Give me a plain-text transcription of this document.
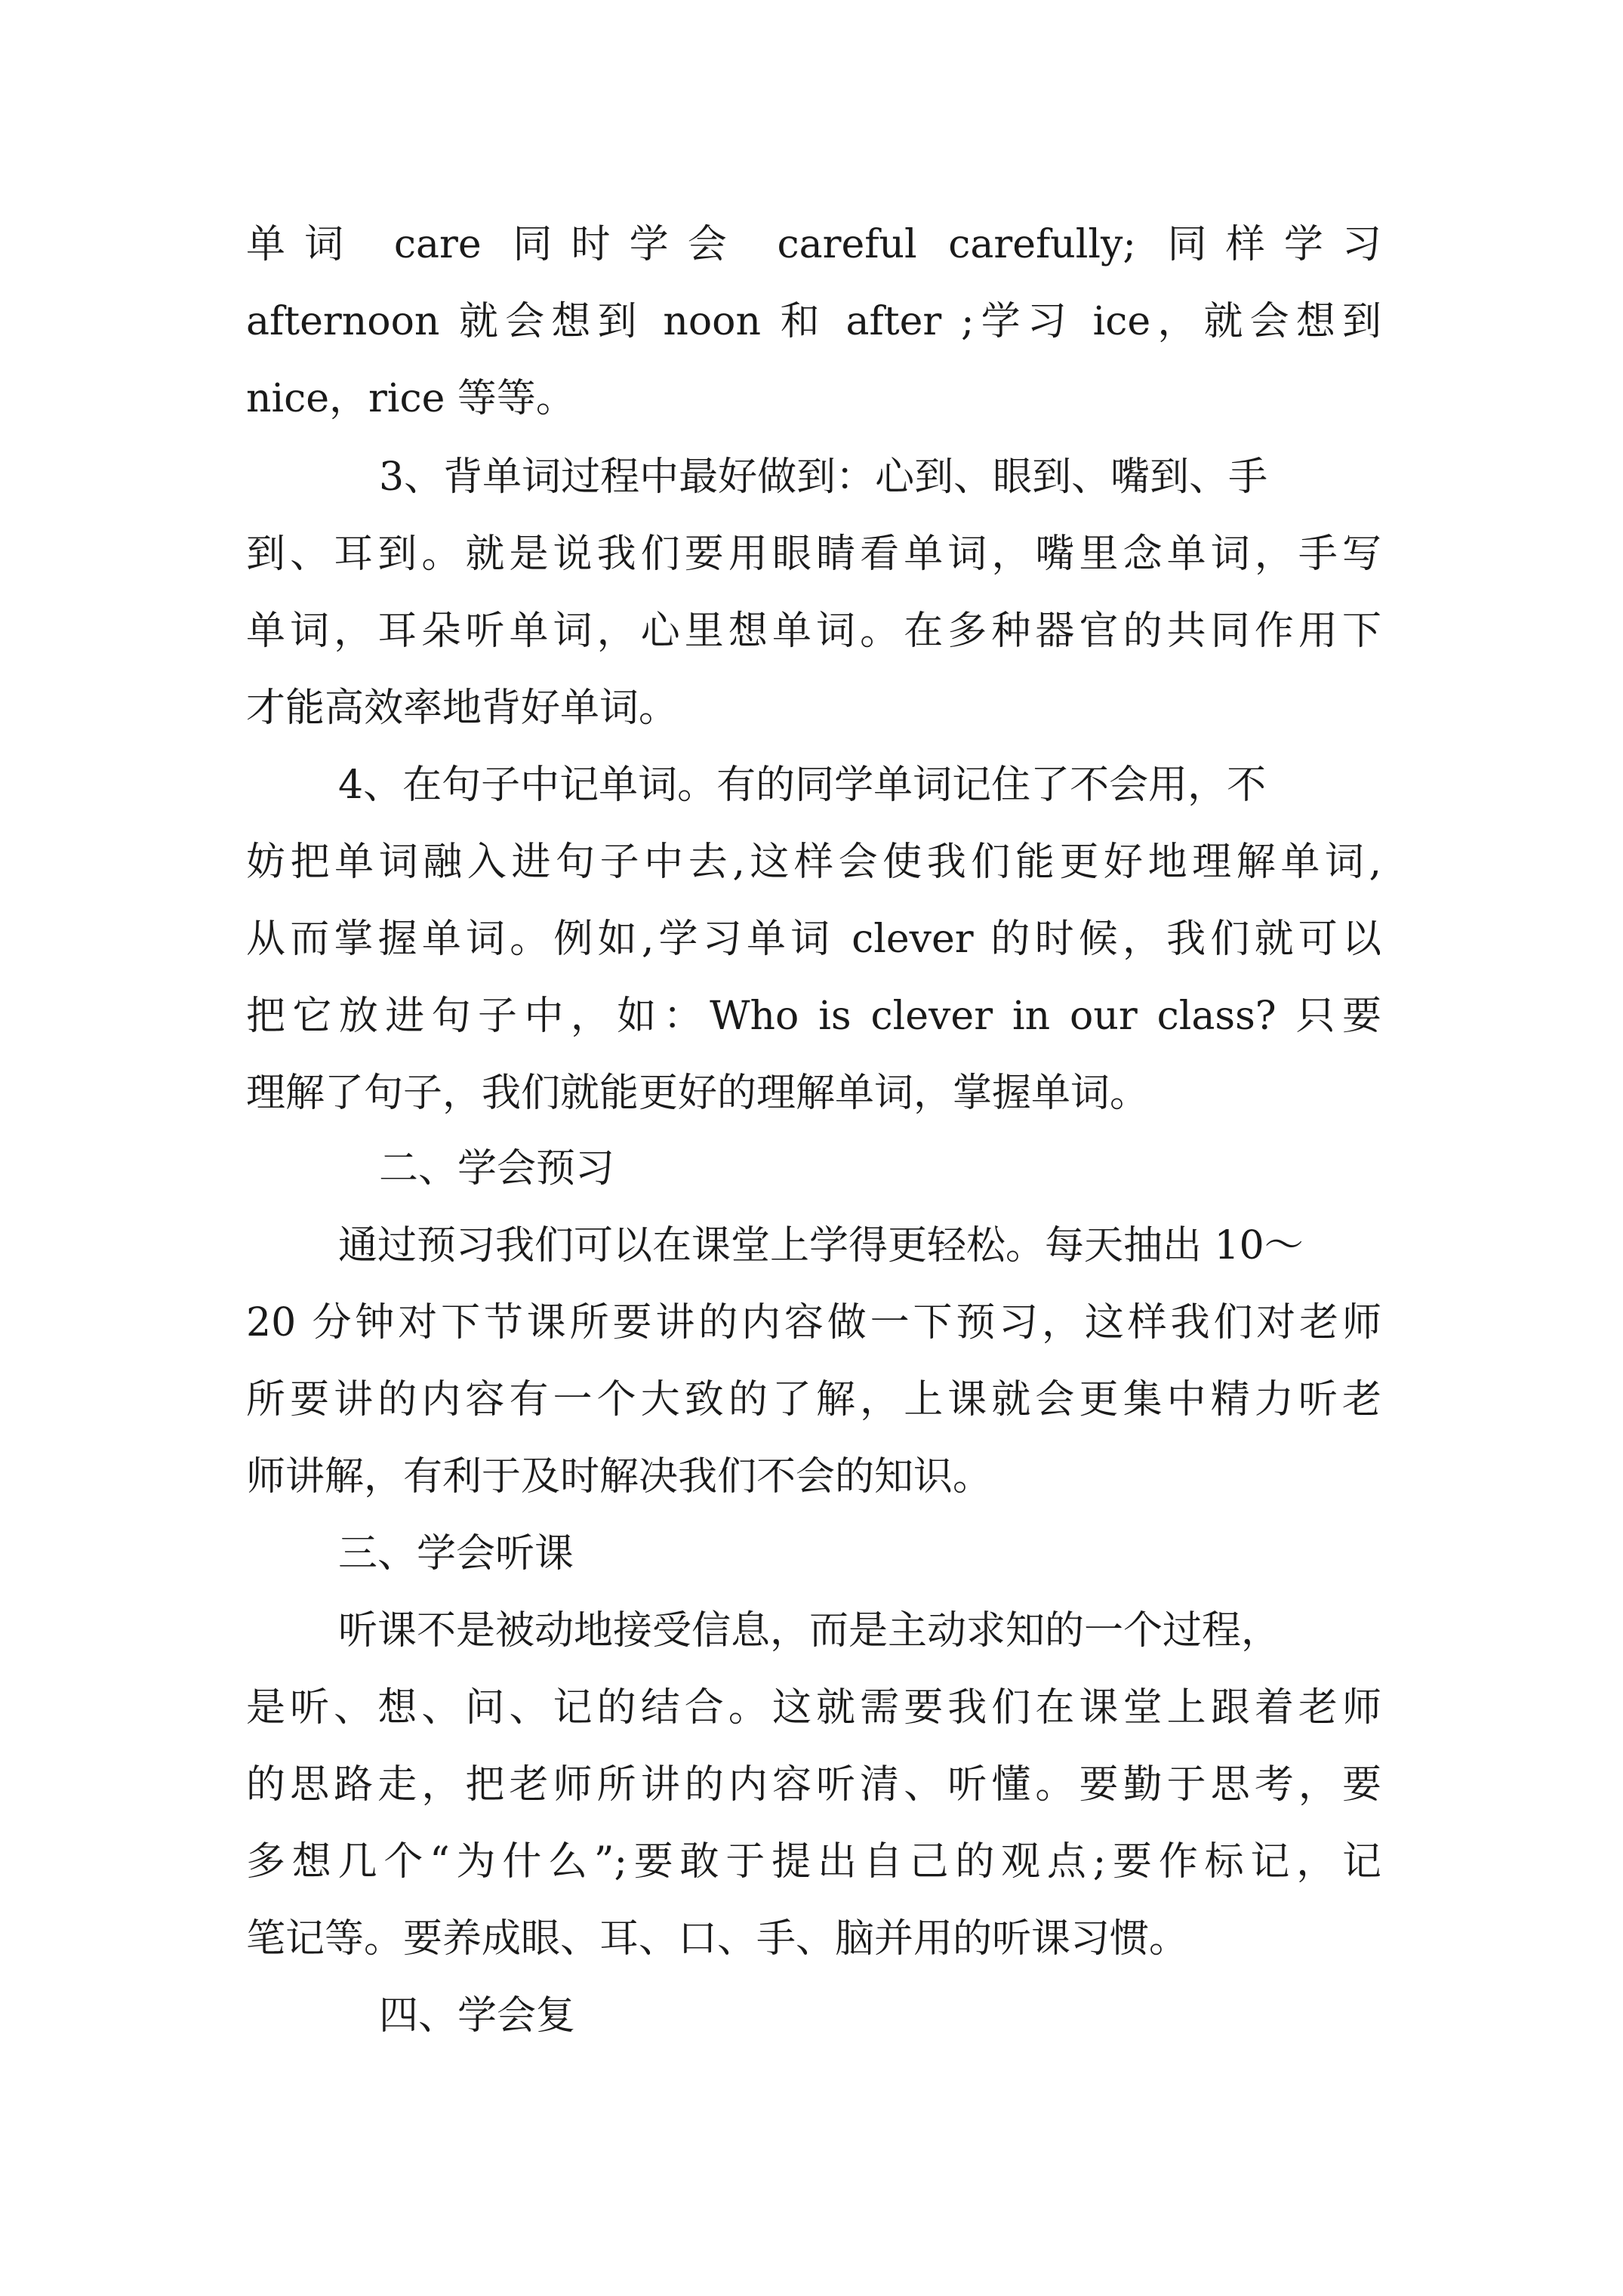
单词 care 同时学会 careful carefully; 同样学习
afternoon 就会想到 noon 和 after ;学习 ice，就会想到
nice，rice 等等。
3、背单词过程中最好做到：心到、眼到、嘴到、手
到、耳到。就是说我们要用眼睛看单词，嘴里念单词，手写
单词，耳朵听单词，心里想单词。在多种器官的共同作用下
才能高效率地背好单词。
4、在句子中记单词。有的同学单词记住了不会用，不
妨把单词融入进句子中去,这样会使我们能更好地理解单词,
从而掌握单词。例如,学习单词 clever 的时候，我们就可以
把它放进句子中，如：Who is clever in our class? 只要
理解了句子，我们就能更好的理解单词，掌握单词。
二、学会预习
通过预习我们可以在课堂上学得更轻松。每天抽出 10～
20 分钟对下节课所要讲的内容做一下预习，这样我们对老师
所要讲的内容有一个大致的了解，上课就会更集中精力听老
师讲解，有利于及时解决我们不会的知识。
三、学会听课
听课不是被动地接受信息，而是主动求知的一个过程，
是听、想、问、记的结合。这就需要我们在课堂上跟着老师
的思路走，把老师所讲的内容听清、听懂。要勤于思考，要
多想几个“为什么”;要敢于提出自己的观点;要作标记，记
笔记等。要养成眼、耳、口、手、脑并用的听课习惯。
四、学会复
